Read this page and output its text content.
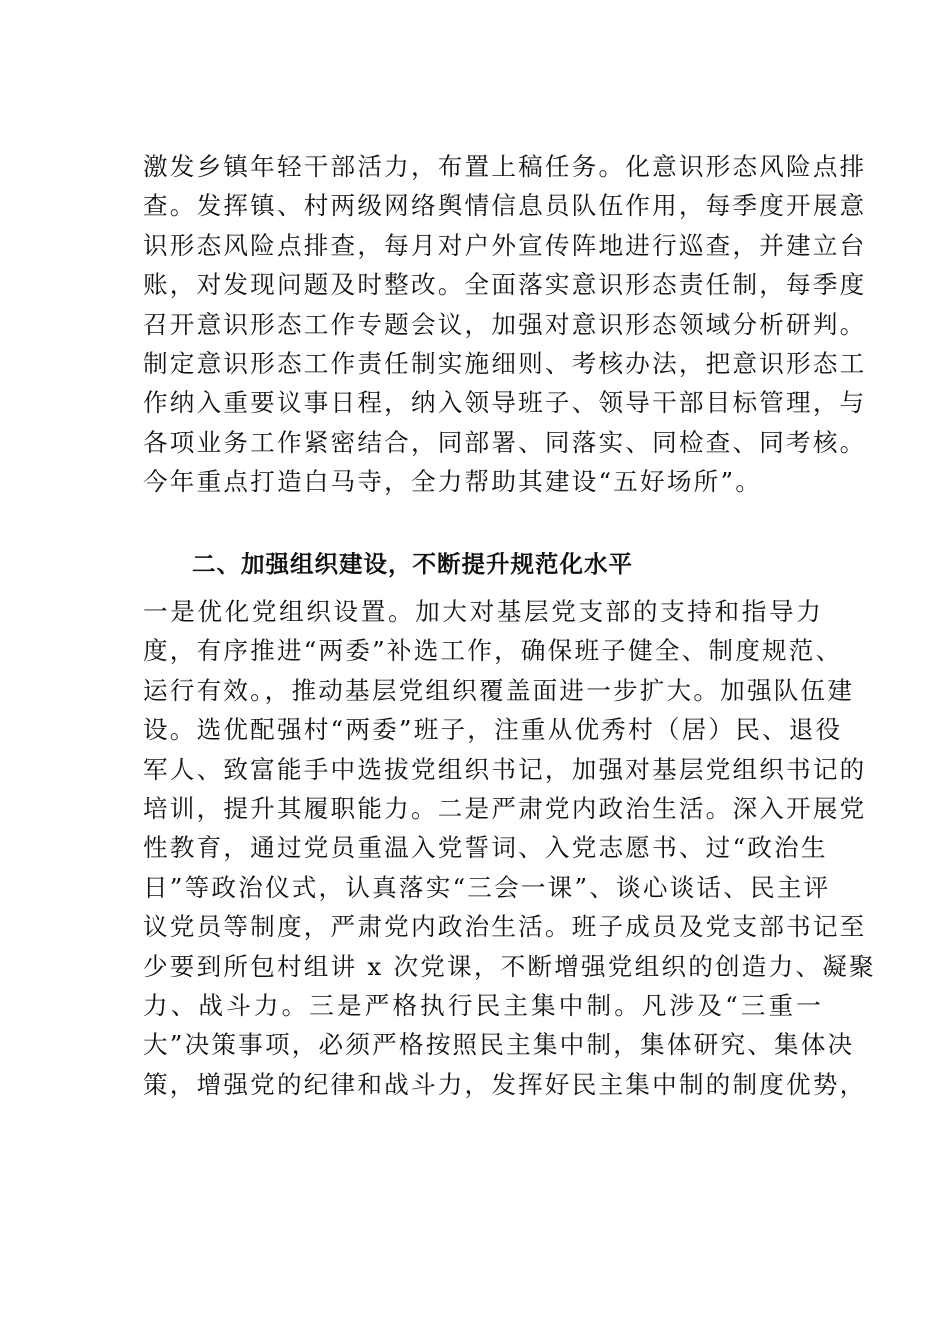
激发乡镇年轻干部活力，布置上稿任务。化意识形态风险点排
查。发挥镇、村两级网络舆情信息员队伍作用，每季度开展意
识形态风险点排查，每月对户外宣传阵地进行巡查，并建立台
账，对发现问题及时整改。全面落实意识形态责任制，每季度
召开意识形态工作专题会议，加强对意识形态领域分析研判。
制定意识形态工作责任制实施细则、考核办法，把意识形态工
作纳入重要议事日程，纳入领导班子、领导干部目标管理，与
各项业务工作紧密结合，同部署、同落实、同检查、同考核。
今年重点打造白马寺，全力帮助其建设“五好场所”。
二、加强组织建设，不断提升规范化水平
一是优化党组织设置。加大对基层党支部的支持和指导力
度，有序推进“两委”补选工作，确保班子健全、制度规范、
运行有效。，推动基层党组织覆盖面进一步扩大。加强队伍建
设。选优配强村“两委”班子，注重从优秀村（居）民、退役
军人、致富能手中选拔党组织书记，加强对基层党组织书记的
培训，提升其履职能力。二是严肃党内政治生活。深入开展党
性教育，通过党员重温入党誓词、入党志愿书、过“政治生
日”等政治仪式，认真落实“三会一课”、谈心谈话、民主评
议党员等制度，严肃党内政治生活。班子成员及党支部书记至
少要到所包村组讲 x 次党课，不断增强党组织的创造力、凝聚
力、战斗力。三是严格执行民主集中制。凡涉及“三重一
大”决策事项，必须严格按照民主集中制，集体研究、集体决
策，增强党的纪律和战斗力，发挥好民主集中制的制度优势，
